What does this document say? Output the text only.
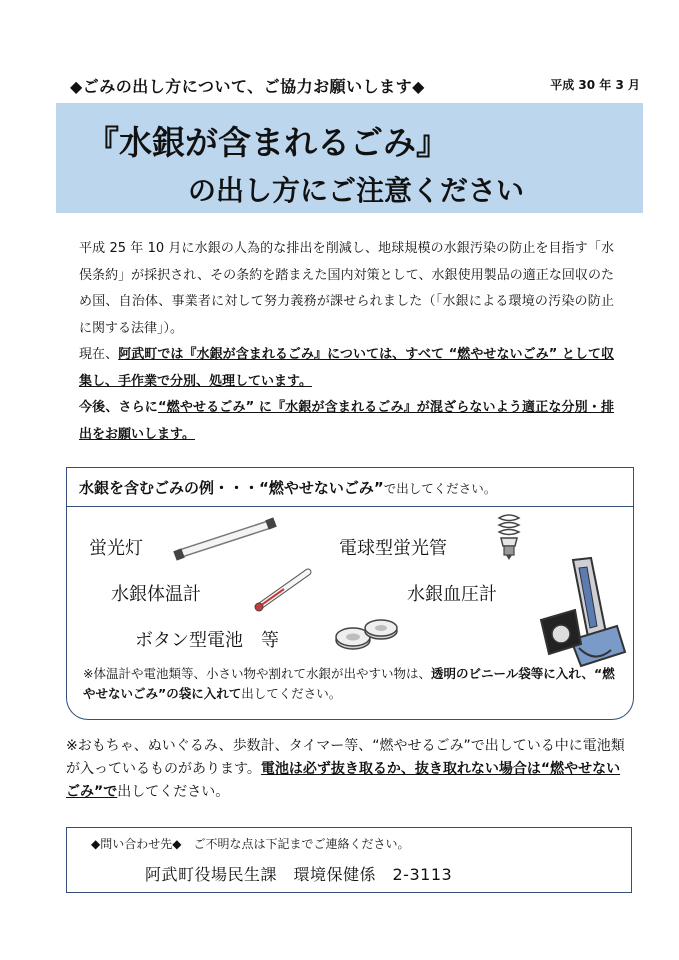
◆ごみの出し方について、ご協力お願いします◆	平成 30 年 3 月
『水銀が含まれるごみ』
の出し方にご注意ください

平成 25 年 10 月に水銀の人為的な排出を削減し、地球規模の水銀汚染の防止を目指す「水俣条約」が採択され、その条約を踏まえた国内対策として、水銀使用製品の適正な回収のため国、自治体、事業者に対して努力義務が課せられました（「水銀による環境の汚染の防止に関する法律」）。

現在、阿武町では『水銀が含まれるごみ』については、すべて “燃やせないごみ” として収集し、手作業で分別、処理しています。

今後、さらに“燃やせるごみ” に『水銀が含まれるごみ』が混ざらないよう適正な分別・排出をお願いします。

水銀を含むごみの例・・・“燃やせないごみ”で出してください。
蛍光灯	電球型蛍光管
水銀体温計	水銀血圧計
ボタン型電池　等
※体温計や電池類等、小さい物や割れて水銀が出やすい物は、透明のビニール袋等に入れ、“燃やせないごみ”の袋に入れて出してください。

※おもちゃ、ぬいぐるみ、歩数計、タイマー等、“燃やせるごみ”で出している中に電池類が入っているものがあります。電池は必ず抜き取るか、抜き取れない場合は“燃やせないごみ”で出してください。

◆問い合わせ先◆　ご不明な点は下記までご連絡ください。
阿武町役場民生課　環境保健係　2-3113
